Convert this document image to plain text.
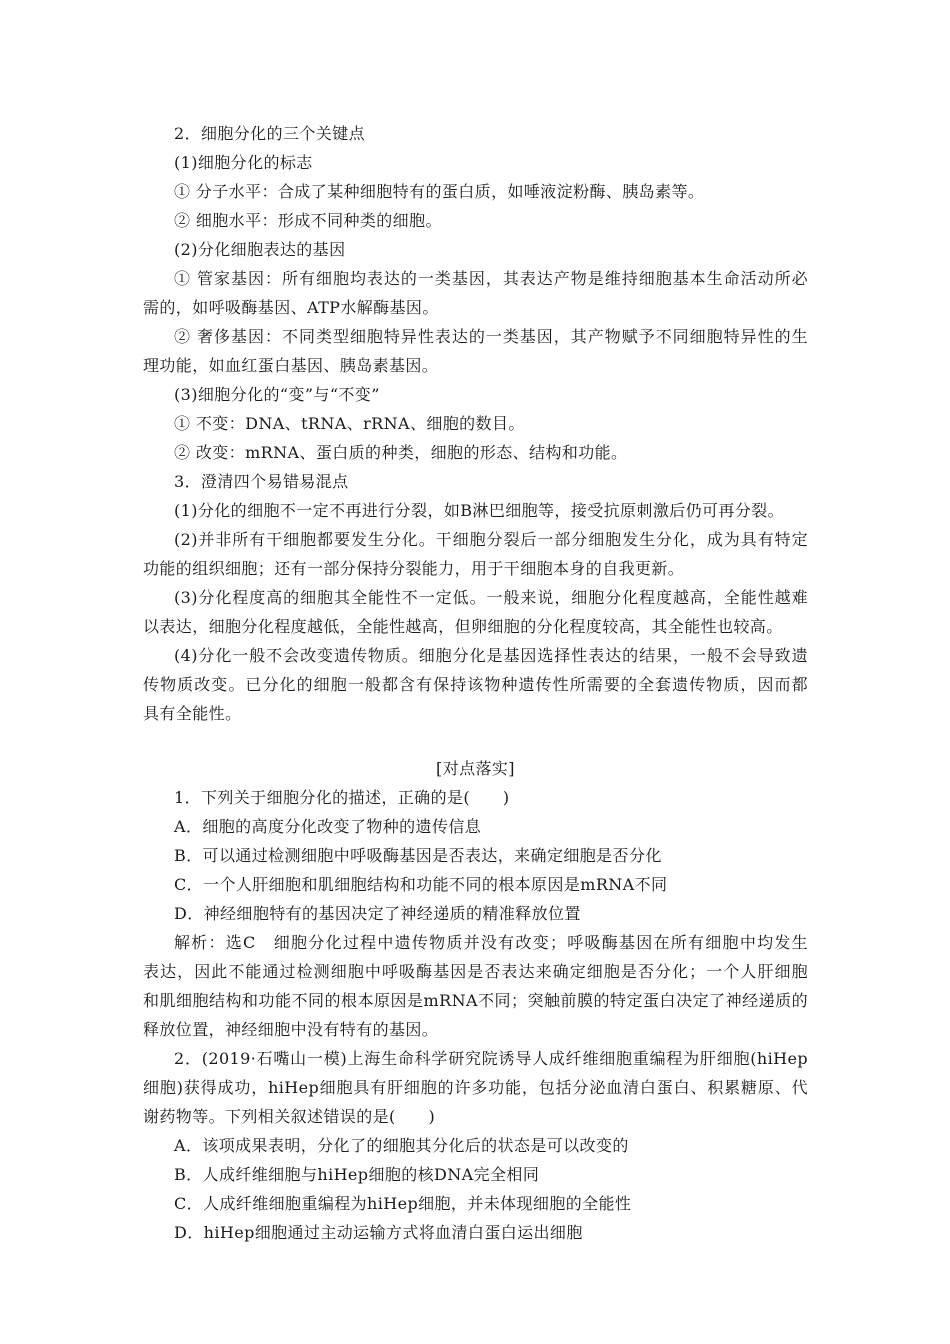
2．细胞分化的三个关键点
(1)细胞分化的标志
① 分子水平：合成了某种细胞特有的蛋白质，如唾液淀粉酶、胰岛素等。
② 细胞水平：形成不同种类的细胞。
(2)分化细胞表达的基因
① 管家基因：所有细胞均表达的一类基因，其表达产物是维持细胞基本生命活动所必
需的，如呼吸酶基因、ATP水解酶基因。
② 奢侈基因：不同类型细胞特异性表达的一类基因，其产物赋予不同细胞特异性的生
理功能，如血红蛋白基因、胰岛素基因。
(3)细胞分化的“变”与“不变”
① 不变：DNA、tRNA、rRNA、细胞的数目。
② 改变：mRNA、蛋白质的种类，细胞的形态、结构和功能。
3．澄清四个易错易混点
(1)分化的细胞不一定不再进行分裂，如B淋巴细胞等，接受抗原刺激后仍可再分裂。
(2)并非所有干细胞都要发生分化。干细胞分裂后一部分细胞发生分化，成为具有特定
功能的组织细胞；还有一部分保持分裂能力，用于干细胞本身的自我更新。
(3)分化程度高的细胞其全能性不一定低。一般来说，细胞分化程度越高，全能性越难
以表达，细胞分化程度越低，全能性越高，但卵细胞的分化程度较高，其全能性也较高。
(4)分化一般不会改变遗传物质。细胞分化是基因选择性表达的结果，一般不会导致遗
传物质改变。已分化的细胞一般都含有保持该物种遗传性所需要的全套遗传物质，因而都
具有全能性。
[对点落实]
1．下列关于细胞分化的描述，正确的是(　　)
A．细胞的高度分化改变了物种的遗传信息
B．可以通过检测细胞中呼吸酶基因是否表达，来确定细胞是否分化
C．一个人肝细胞和肌细胞结构和功能不同的根本原因是mRNA不同
D．神经细胞特有的基因决定了神经递质的精准释放位置
解析：选C　细胞分化过程中遗传物质并没有改变；呼吸酶基因在所有细胞中均发生
表达，因此不能通过检测细胞中呼吸酶基因是否表达来确定细胞是否分化；一个人肝细胞
和肌细胞结构和功能不同的根本原因是mRNA不同；突触前膜的特定蛋白决定了神经递质的
释放位置，神经细胞中没有特有的基因。
2．(2019·石嘴山一模)上海生命科学研究院诱导人成纤维细胞重编程为肝细胞(hiHep
细胞)获得成功，hiHep细胞具有肝细胞的许多功能，包括分泌血清白蛋白、积累糖原、代
谢药物等。下列相关叙述错误的是(　　)
A．该项成果表明，分化了的细胞其分化后的状态是可以改变的
B．人成纤维细胞与hiHep细胞的核DNA完全相同
C．人成纤维细胞重编程为hiHep细胞，并未体现细胞的全能性
D．hiHep细胞通过主动运输方式将血清白蛋白运出细胞
